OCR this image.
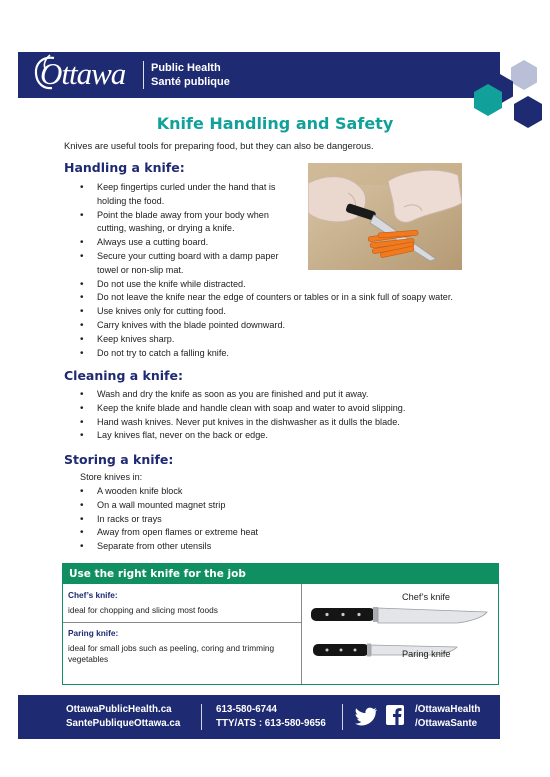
Ottawa Public Health
Santé publique
Knife Handling and Safety
Knives are useful tools for preparing food, but they can also be dangerous.
Handling a knife:
• Keep fingertips curled under the hand that is
holding the food.
• Point the blade away from your body when
cutting, washing, or drying a knife.
• Always use a cutting board.
• Secure your cutting board with a damp paper
towel or non-slip mat.
• Do not use the knife while distracted.
• Do not leave the knife near the edge of counters or tables or in a sink full of soapy water.
• Use knives only for cutting food.
• Carry knives with the blade pointed downward.
• Keep knives sharp.
• Do not try to catch a falling knife.
Cleaning a knife:
• Wash and dry the knife as soon as you are finished and put it away.
• Keep the knife blade and handle clean with soap and water to avoid slipping.
• Hand wash knives. Never put knives in the dishwasher as it dulls the blade.
• Lay knives flat, never on the back or edge.
Storing a knife:
Store knives in:
• A wooden knife block
• On a wall mounted magnet strip
• In racks or trays
• Away from open flames or extreme heat
• Separate from other utensils
Use the right knife for the job
Chef’s knife:
ideal for chopping and slicing most foods
Paring knife:
ideal for small jobs such as peeling, coring and trimming vegetables
Chef’s knife
Paring knife
OttawaPublicHealth.ca
SantePubliqueOttawa.ca
613-580-6744
TTY/ATS : 613-580-9656
/OttawaHealth
/OttawaSante
